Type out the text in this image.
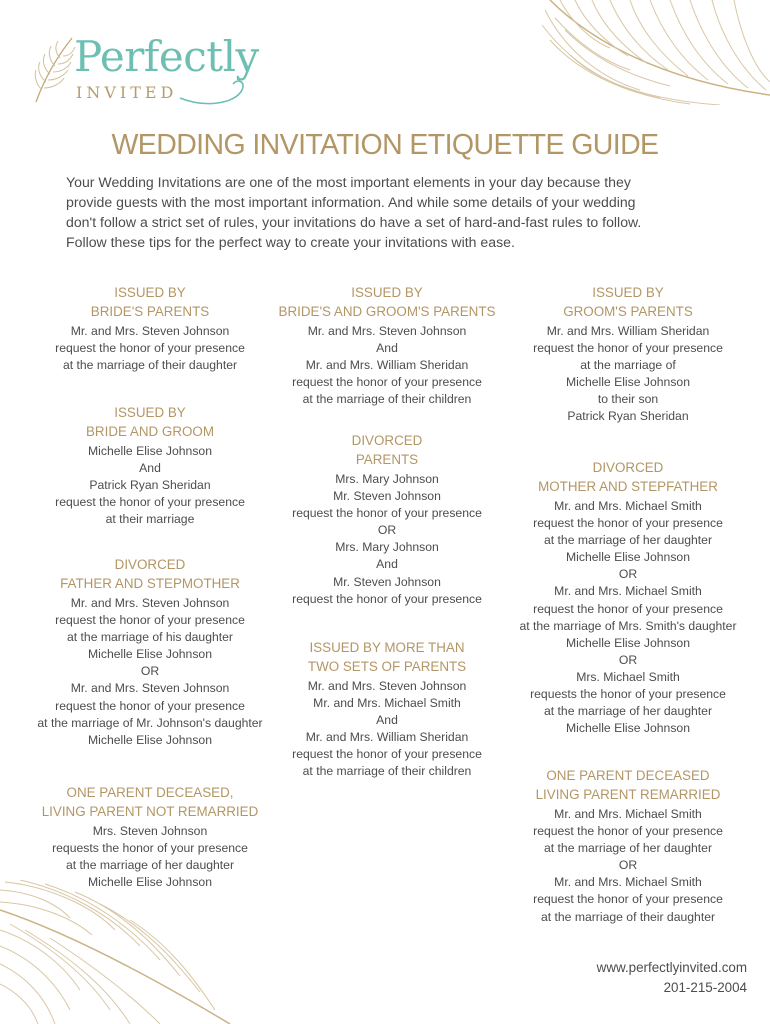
Perfectly
INVITED
WEDDING INVITATION ETIQUETTE GUIDE
Your Wedding Invitations are one of the most important elements in your day because they
provide guests with the most important information. And while some details of your wedding
don't follow a strict set of rules, your invitations do have a set of hard-and-fast rules to follow.
Follow these tips for the perfect way to create your invitations with ease.
ISSUED BY
BRIDE'S PARENTS
Mr. and Mrs. Steven Johnson
request the honor of your presence
at the marriage of their daughter
ISSUED BY
BRIDE AND GROOM
Michelle Elise Johnson
And
Patrick Ryan Sheridan
request the honor of your presence
at their marriage
DIVORCED
FATHER AND STEPMOTHER
Mr. and Mrs. Steven Johnson
request the honor of your presence
at the marriage of his daughter
Michelle Elise Johnson
OR
Mr. and Mrs. Steven Johnson
request the honor of your presence
at the marriage of Mr. Johnson's daughter
Michelle Elise Johnson
ONE PARENT DECEASED,
LIVING PARENT NOT REMARRIED
Mrs. Steven Johnson
requests the honor of your presence
at the marriage of her daughter
Michelle Elise Johnson
ISSUED BY
BRIDE'S AND GROOM'S PARENTS
Mr. and Mrs. Steven Johnson
And
Mr. and Mrs. William Sheridan
request the honor of your presence
at the marriage of their children
DIVORCED
PARENTS
Mrs. Mary Johnson
Mr. Steven Johnson
request the honor of your presence
OR
Mrs. Mary Johnson
And
Mr. Steven Johnson
request the honor of your presence
ISSUED BY MORE THAN
TWO SETS OF PARENTS
Mr. and Mrs. Steven Johnson
Mr. and Mrs. Michael Smith
And
Mr. and Mrs. William Sheridan
request the honor of your presence
at the marriage of their children
ISSUED BY
GROOM'S PARENTS
Mr. and Mrs. William Sheridan
request the honor of your presence
at the marriage of
Michelle Elise Johnson
to their son
Patrick Ryan Sheridan
DIVORCED
MOTHER AND STEPFATHER
Mr. and Mrs. Michael Smith
request the honor of your presence
at the marriage of her daughter
Michelle Elise Johnson
OR
Mr. and Mrs. Michael Smith
request the honor of your presence
at the marriage of Mrs. Smith's daughter
Michelle Elise Johnson
OR
Mrs. Michael Smith
requests the honor of your presence
at the marriage of her daughter
Michelle Elise Johnson
ONE PARENT DECEASED
LIVING PARENT REMARRIED
Mr. and Mrs. Michael Smith
request the honor of your presence
at the marriage of her daughter
OR
Mr. and Mrs. Michael Smith
request the honor of your presence
at the marriage of their daughter
www.perfectlyinvited.com
201-215-2004
